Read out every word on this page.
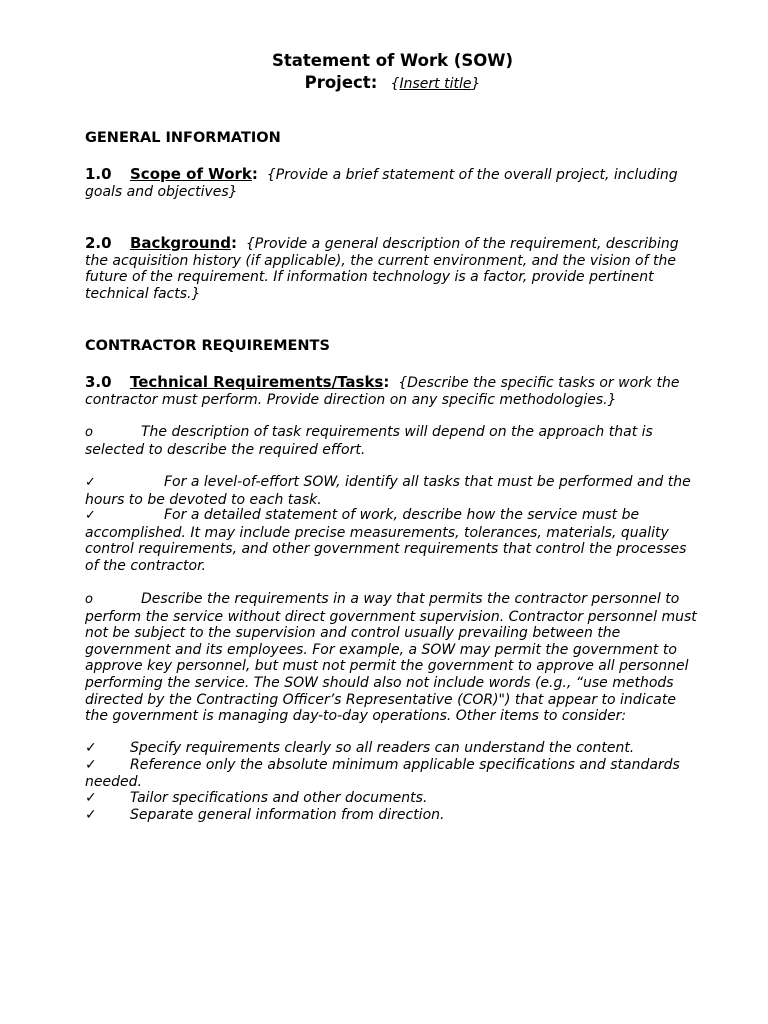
Statement of Work (SOW)

Project: {Insert title}

GENERAL INFORMATION

1.0 Scope of Work: {Provide a brief statement of the overall project, including goals and objectives}

2.0 Background: {Provide a general description of the requirement, describing the acquisition history (if applicable), the current environment, and the vision of the future of the requirement. If information technology is a factor, provide pertinent technical facts.}

CONTRACTOR REQUIREMENTS

3.0 Technical Requirements/Tasks: {Describe the specific tasks or work the contractor must perform. Provide direction on any specific methodologies.}

o	The description of task requirements will depend on the approach that is selected to describe the required effort.

✓	For a level-of-effort SOW, identify all tasks that must be performed and the hours to be devoted to each task.

✓	For a detailed statement of work, describe how the service must be accomplished. It may include precise measurements, tolerances, materials, quality control requirements, and other government requirements that control the processes of the contractor.

o	Describe the requirements in a way that permits the contractor personnel to perform the service without direct government supervision. Contractor personnel must not be subject to the supervision and control usually prevailing between the government and its employees. For example, a SOW may permit the government to approve key personnel, but must not permit the government to approve all personnel performing the service. The SOW should also not include words (e.g., “use methods directed by the Contracting Officer’s Representative (COR)") that appear to indicate the government is managing day-to-day operations. Other items to consider:

✓ Specify requirements clearly so all readers can understand the content.

✓ Reference only the absolute minimum applicable specifications and standards needed.

✓ Tailor specifications and other documents.

✓ Separate general information from direction.
